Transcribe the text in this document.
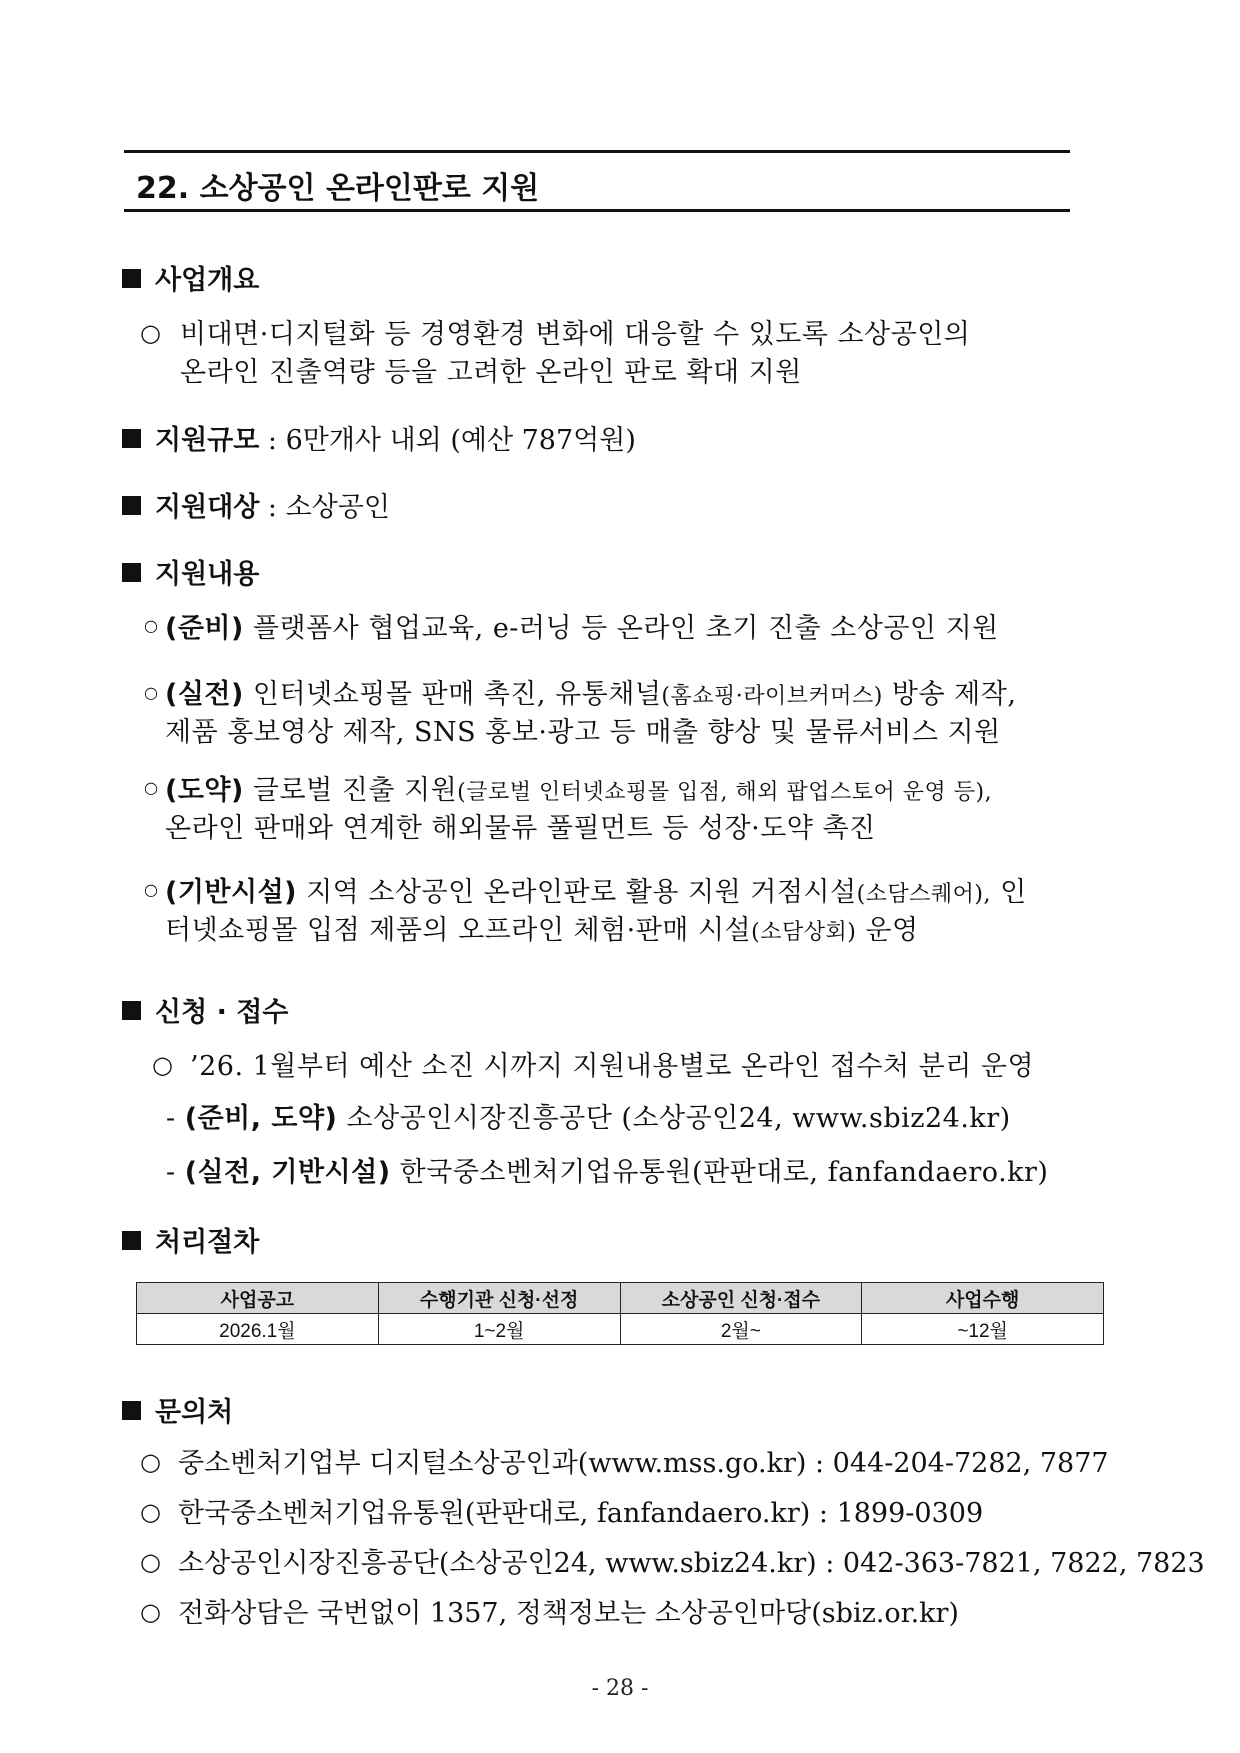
22. 소상공인 온라인판로 지원
사업개요
○ 비대면·디지털화 등 경영환경 변화에 대응할 수 있도록 소상공인의
온라인 진출역량 등을 고려한 온라인 판로 확대 지원
지원규모 : 6만개사 내외 (예산 787억원)
지원대상 : 소상공인
지원내용
○ (준비) 플랫폼사 협업교육, e-러닝 등 온라인 초기 진출 소상공인 지원
○ (실전) 인터넷쇼핑몰 판매 촉진, 유통채널(홈쇼핑·라이브커머스) 방송 제작,
제품 홍보영상 제작, SNS 홍보·광고 등 매출 향상 및 물류서비스 지원
○ (도약) 글로벌 진출 지원(글로벌 인터넷쇼핑몰 입점, 해외 팝업스토어 운영 등),
온라인 판매와 연계한 해외물류 풀필먼트 등 성장·도약 촉진
○ (기반시설) 지역 소상공인 온라인판로 활용 지원 거점시설(소담스퀘어), 인
터넷쇼핑몰 입점 제품의 오프라인 체험·판매 시설(소담상회) 운영
신청 · 접수
○ ’26. 1월부터 예산 소진 시까지 지원내용별로 온라인 접수처 분리 운영
- (준비, 도약) 소상공인시장진흥공단 (소상공인24, www.sbiz24.kr)
- (실전, 기반시설) 한국중소벤처기업유통원(판판대로, fanfandaero.kr)
처리절차
사업공고	수행기관 신청·선정	소상공인 신청·접수	사업수행
2026.1월	1~2월	2월~	~12월
문의처
○ 중소벤처기업부 디지털소상공인과(www.mss.go.kr) : 044-204-7282, 7877
○ 한국중소벤처기업유통원(판판대로, fanfandaero.kr) : 1899-0309
○ 소상공인시장진흥공단(소상공인24, www.sbiz24.kr) : 042-363-7821, 7822, 7823
○ 전화상담은 국번없이 1357, 정책정보는 소상공인마당(sbiz.or.kr)
- 28 -
